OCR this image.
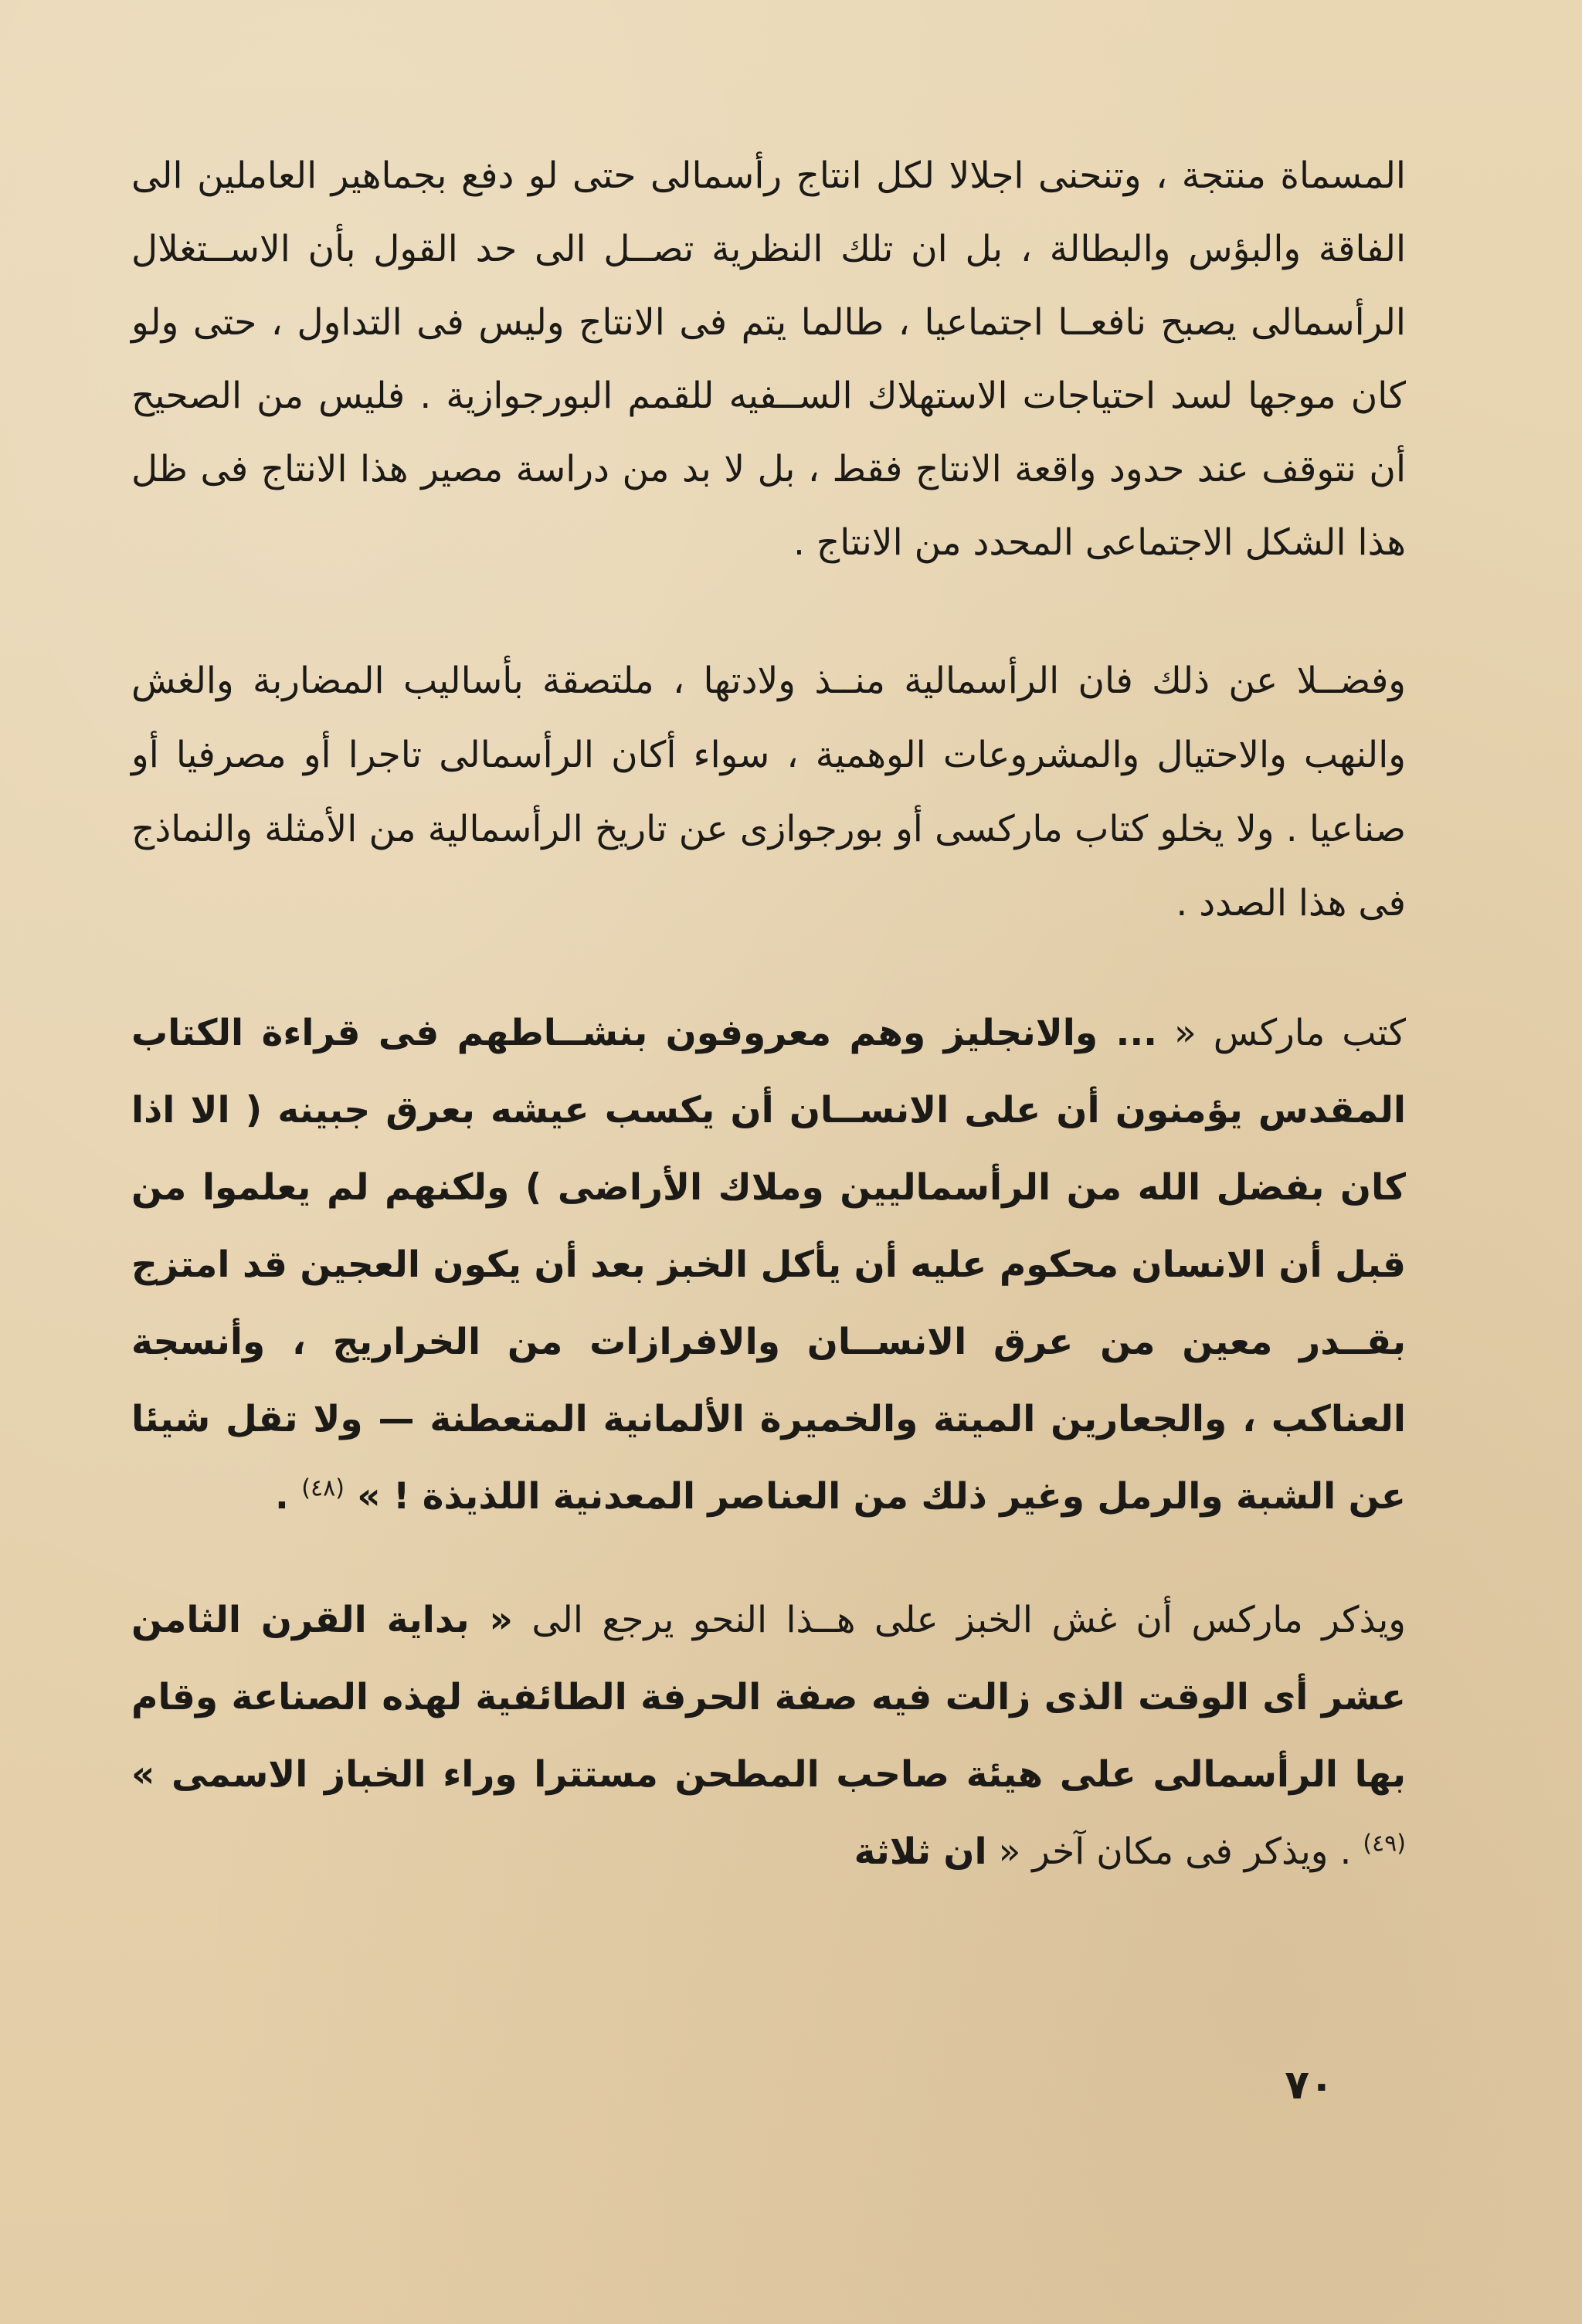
المسماة منتجة ، وتنحنى اجلالا لكل انتاج رأسمالى حتى لو دفع بجماهير العاملين الى الفاقة والبؤس والبطالة ، بل ان تلك النظرية تصــل الى حد القول بأن الاســتغلال الرأسمالى يصبح نافعــا اجتماعيا ، طالما يتم فى الانتاج وليس فى التداول ، حتى ولو كان موجها لسد احتياجات الاستهلاك الســفيه للقمم البورجوازية . فليس من الصحيح أن نتوقف عند حدود واقعة الانتاج فقط ، بل لا بد من دراسة مصير هذا الانتاج فى ظل هذا الشكل الاجتماعى المحدد من الانتاج .

وفضــلا عن ذلك فان الرأسمالية منــذ ولادتها ، ملتصقة بأساليب المضاربة والغش والنهب والاحتيال والمشروعات الوهمية ، سواء أكان الرأسمالى تاجرا أو مصرفيا أو صناعيا . ولا يخلو كتاب ماركسى أو بورجوازى عن تاريخ الرأسمالية من الأمثلة والنماذج فى هذا الصدد .

كتب ماركس « ... والانجليز وهم معروفون بنشــاطهم فى قراءة الكتاب المقدس يؤمنون أن على الانســان أن يكسب عيشه بعرق جبينه ( الا اذا كان بفضل الله من الرأسماليين وملاك الأراضى ) ولكنهم لم يعلموا من قبل أن الانسان محكوم عليه أن يأكل الخبز بعد أن يكون العجين قد امتزج بقــدر معين من عرق الانســان والافرازات من الخراريج ، وأنسجة العناكب ، والجعارين الميتة والخميرة الألمانية المتعطنة — ولا تقل شيئا عن الشبة والرمل وغير ذلك من العناصر المعدنية اللذيذة ! » $^{(٤٨)}$ .

ويذكر ماركس أن غش الخبز على هــذا النحو يرجع الى « بداية القرن الثامن عشر أى الوقت الذى زالت فيه صفة الحرفة الطائفية لهذه الصناعة وقام بها الرأسمالى على هيئة صاحب المطحن مستترا وراء الخباز الاسمى » $^{(٤٩)}$ . ويذكر فى مكان آخر « ان ثلاثة

٧٠
